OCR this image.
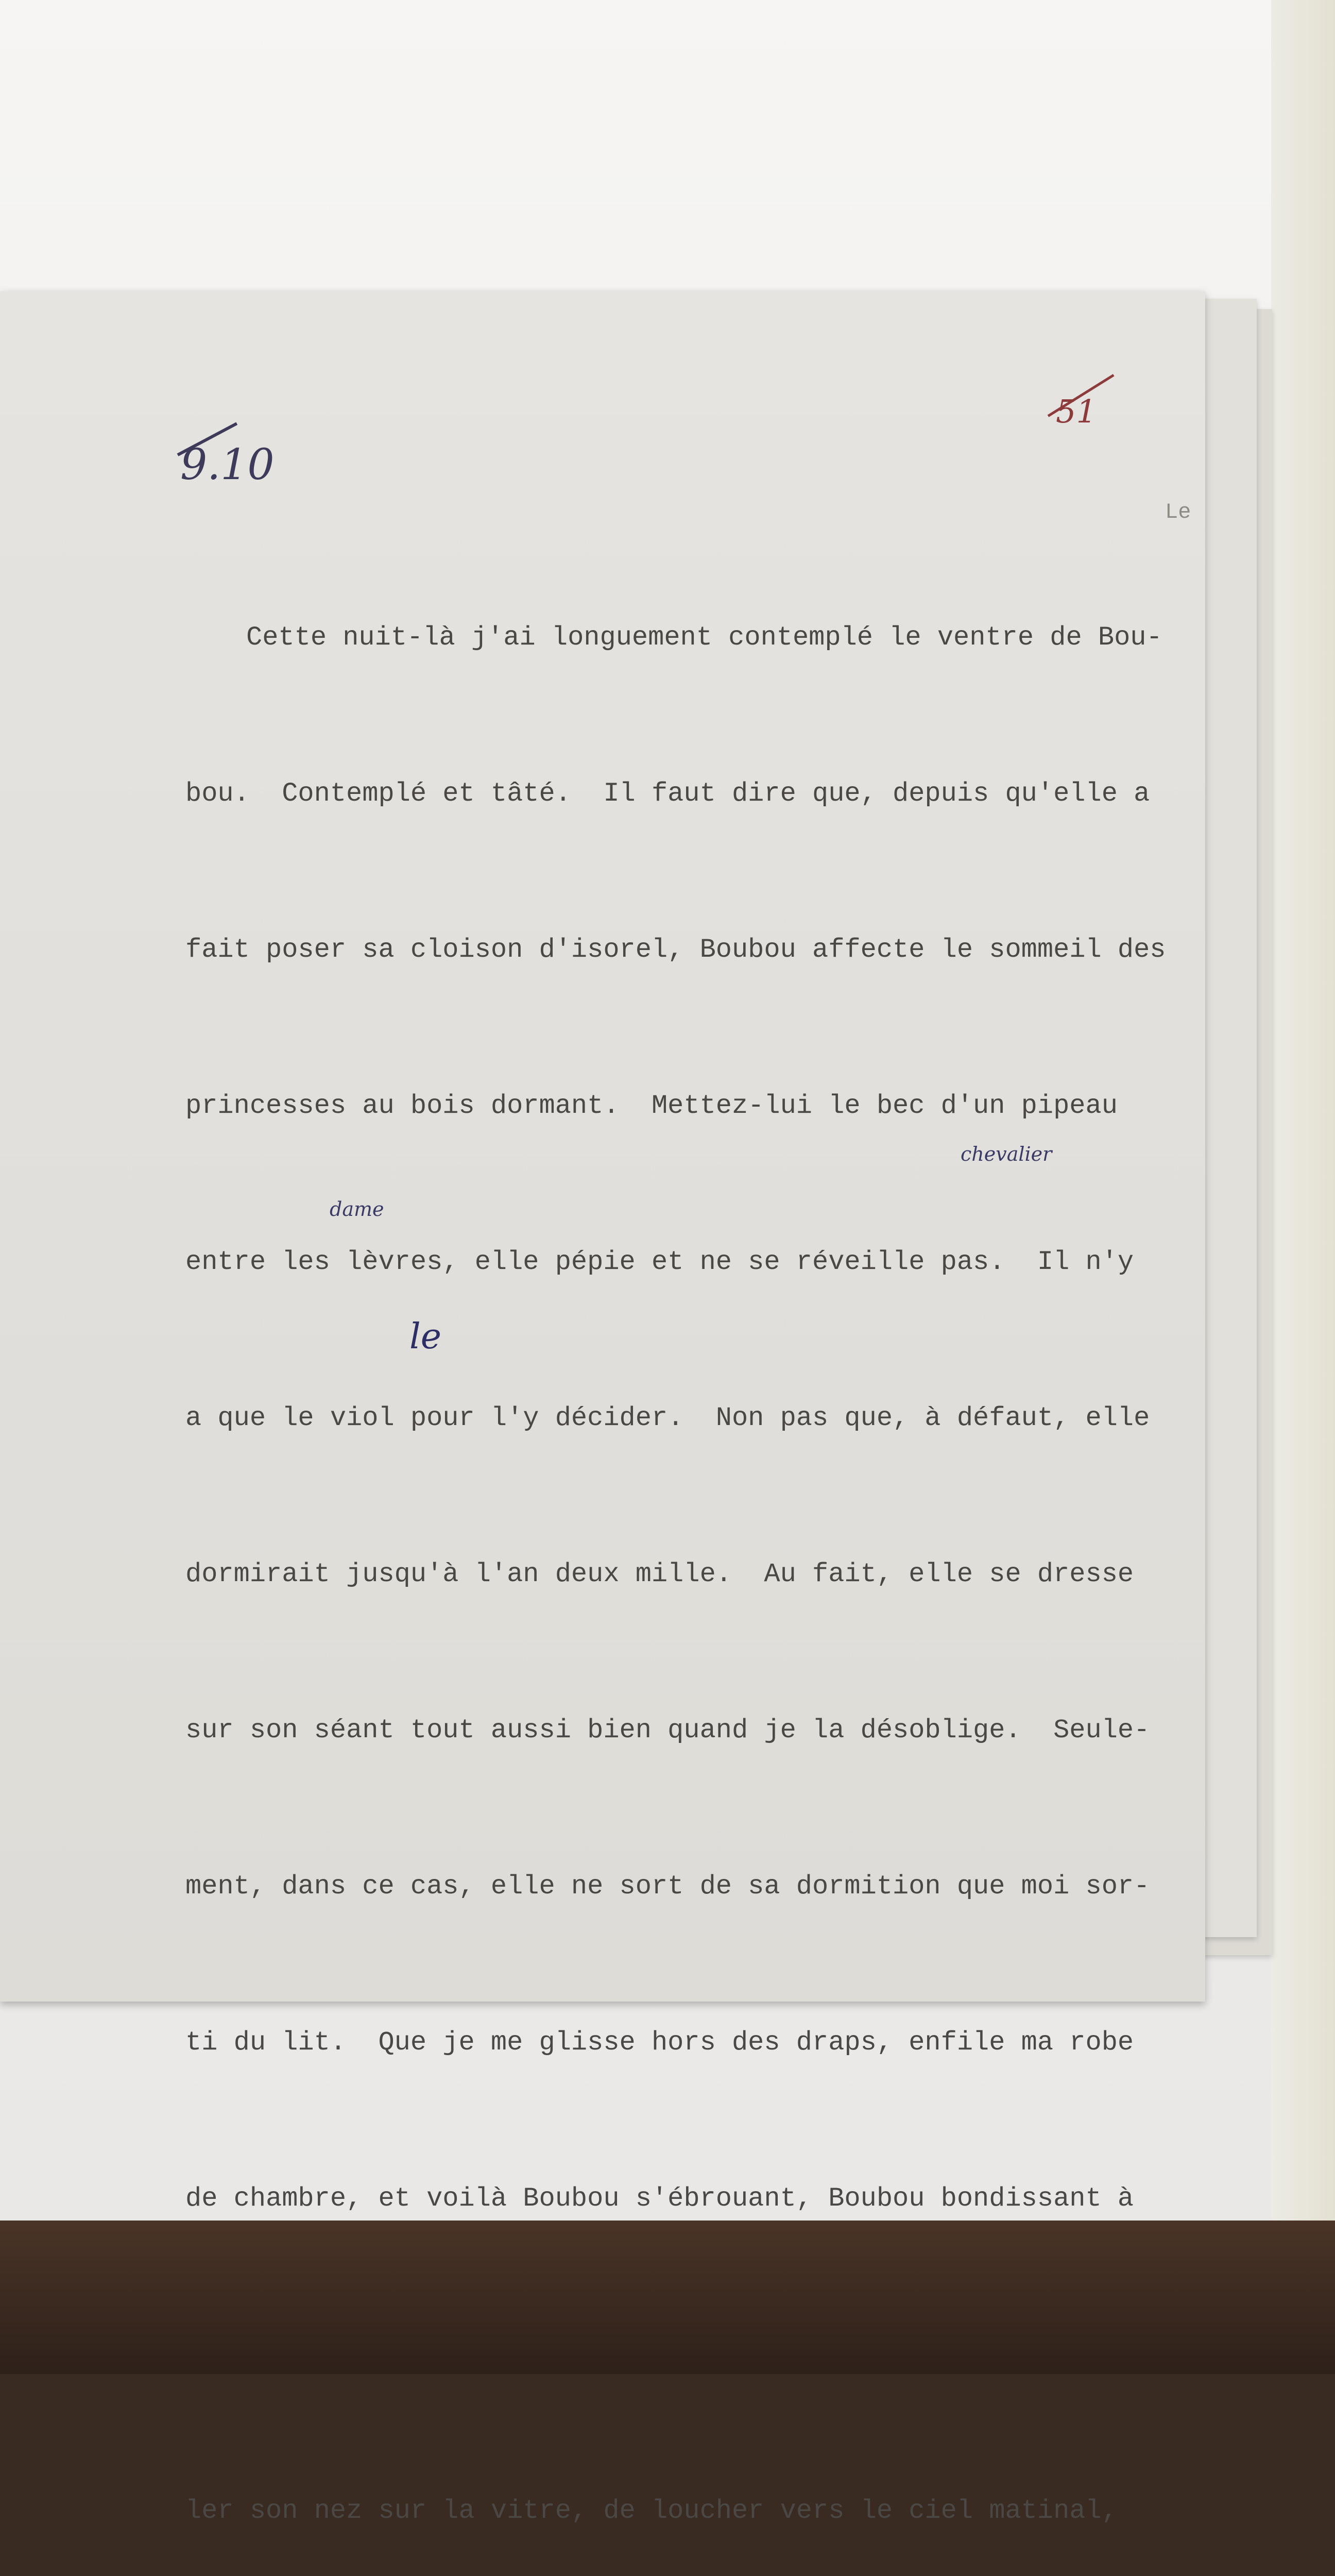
9.10
51
Le

Cette nuit-là j'ai longuement contemplé le ventre de Bou-

bou.  Contemplé et tâté.  Il faut dire que, depuis qu'elle a

fait poser sa cloison d'isorel, Boubou affecte le sommeil des

princesses au bois dormant.  Mettez-lui le bec d'un pipeau

entre les lèvres, elle pépie et ne se réveille pas.  Il n'y

a que le viol pour l'y décider.  Non pas que, à défaut, elle

dormirait jusqu'à l'an deux mille.  Au fait, elle se dresse

sur son séant tout aussi bien quand je la désoblige.  Seule-

ment, dans ce cas, elle ne sort de sa dormition que moi sor-

ti du lit.  Que je me glisse hors des draps, enfile ma robe

de chambre, et voilà Boubou s'ébrouant, Boubou bondissant à

ler son nez sur la vitre, de loucher vers le ciel matinal,

chevalier
dame
le
